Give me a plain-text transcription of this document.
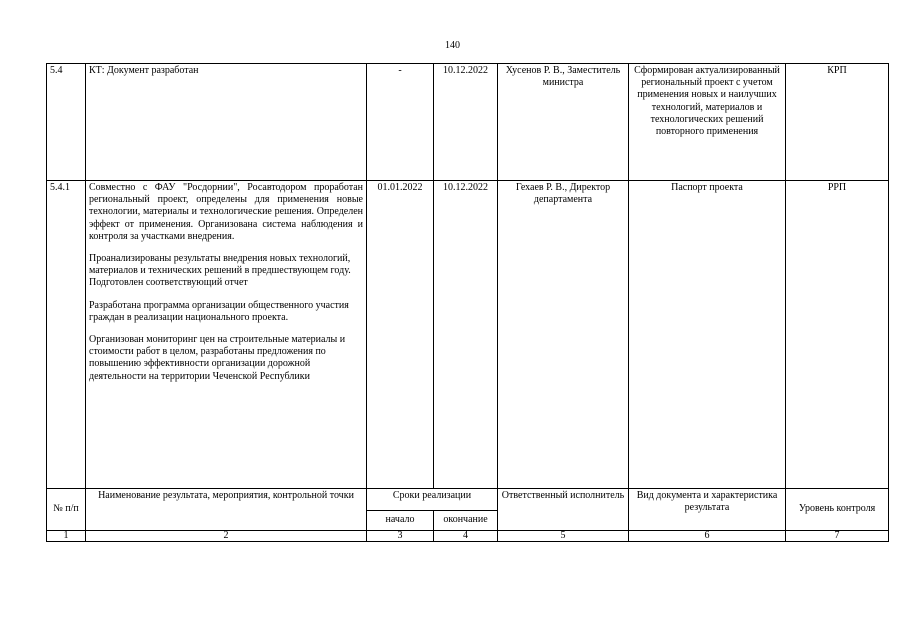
140
5.4	КТ: Документ разработан	-	10.12.2022	Хусенов Р. В., Заместитель министра	Сформирован актуализированный региональный проект с учетом применения новых и наилучших технологий, материалов и технологических решений повторного применения	КРП
5.4.1	Совместно с ФАУ "Росдорнии", Росавтодором проработан региональный проект, определены для применения новые технологии, материалы и технологические решения. Определен эффект от применения. Организована система наблюдения и контроля за участками внедрения.

Проанализированы результаты внедрения новых технологий, материалов и технических решений в предшествующем году. Подготовлен соответствующий отчет

Разработана программа организации общественного участия граждан в реализации национального проекта.

Организован мониторинг цен на строительные материалы и стоимости работ в целом, разработаны предложения по повышению эффективности организации дорожной деятельности на территории Чеченской Республики	01.01.2022	10.12.2022	Гехаев Р. В., Директор департамента	Паспорт проекта	РРП
№ п/п	Наименование результата, мероприятия, контрольной точки	Сроки реализации		Ответственный исполнитель	Вид документа и характеристика результата	Уровень контроля
		начало	окончание			
1	2	3	4	5	6	7
